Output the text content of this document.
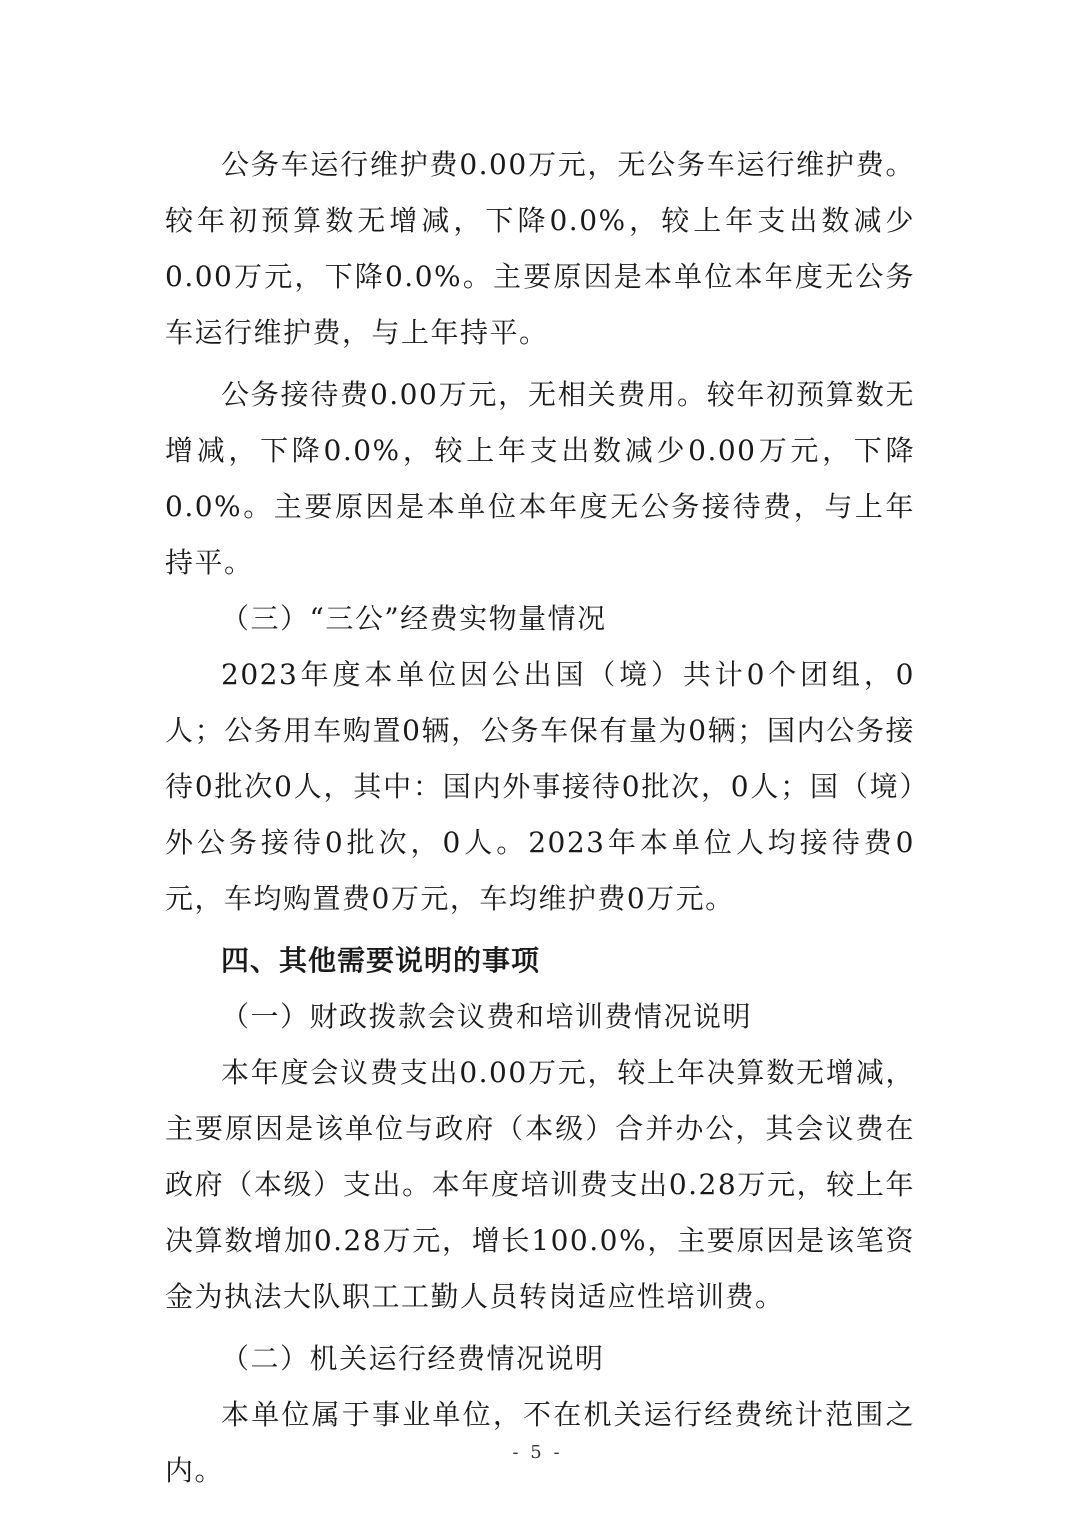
公务车运行维护费0.00万元，无公务车运行维护费。较年初预算数无增减，下降0.0%，较上年支出数减少0.00万元，下降0.0%。主要原因是本单位本年度无公务车运行维护费，与上年持平。

公务接待费0.00万元，无相关费用。较年初预算数无增减，下降0.0%，较上年支出数减少0.00万元，下降0.0%。主要原因是本单位本年度无公务接待费，与上年持平。

（三）“三公”经费实物量情况

2023年度本单位因公出国（境）共计0个团组，0人；公务用车购置0辆，公务车保有量为0辆；国内公务接待0批次0人，其中：国内外事接待0批次，0人；国（境）外公务接待0批次，0人。2023年本单位人均接待费0元，车均购置费0万元，车均维护费0万元。

四、其他需要说明的事项

（一）财政拨款会议费和培训费情况说明

本年度会议费支出0.00万元，较上年决算数无增减，主要原因是该单位与政府（本级）合并办公，其会议费在政府（本级）支出。本年度培训费支出0.28万元，较上年决算数增加0.28万元，增长100.0%，主要原因是该笔资金为执法大队职工工勤人员转岗适应性培训费。

（二）机关运行经费情况说明

本单位属于事业单位，不在机关运行经费统计范围之内。

- 5 -
